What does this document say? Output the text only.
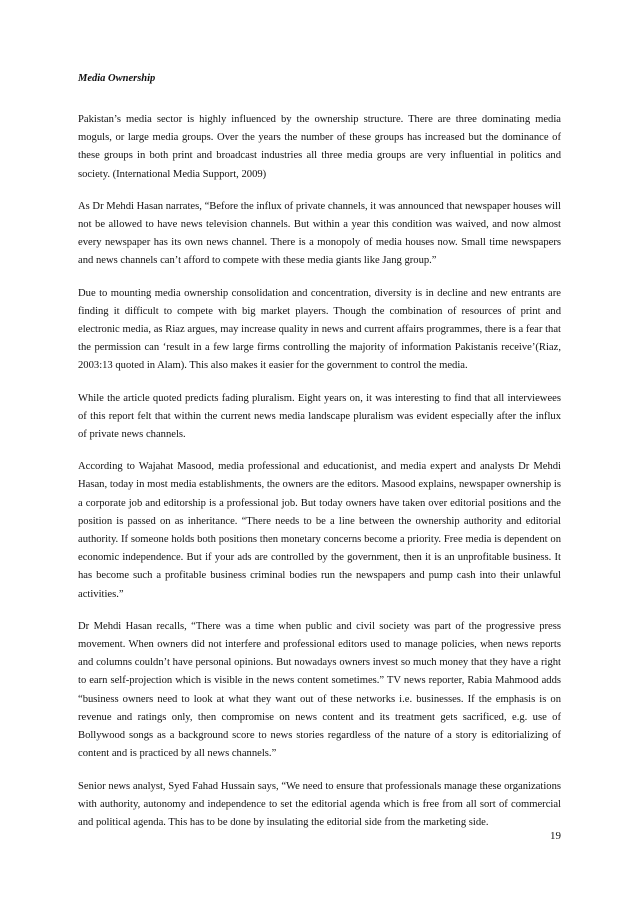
Media Ownership

Pakistan’s media sector is highly influenced by the ownership structure. There are three dominating media moguls, or large media groups. Over the years the number of these groups has increased but the dominance of these groups in both print and broadcast industries all three media groups are very influential in politics and society. (International Media Support, 2009)

As Dr Mehdi Hasan narrates, “Before the influx of private channels, it was announced that newspaper houses will not be allowed to have news television channels. But within a year this condition was waived, and now almost every newspaper has its own news channel. There is a monopoly of media houses now. Small time newspapers and news channels can’t afford to compete with these media giants like Jang group.”

Due to mounting media ownership consolidation and concentration, diversity is in decline and new entrants are finding it difficult to compete with big market players. Though the combination of resources of print and electronic media, as Riaz argues, may increase quality in news and current affairs programmes, there is a fear that the permission can ‘result in a few large firms controlling the majority of information Pakistanis receive’(Riaz, 2003:13 quoted in Alam). This also makes it easier for the government to control the media.

While the article quoted predicts fading pluralism. Eight years on, it was interesting to find that all interviewees of this report felt that within the current news media landscape pluralism was evident especially after the influx of private news channels.

According to Wajahat Masood, media professional and educationist, and media expert and analysts Dr Mehdi Hasan, today in most media establishments, the owners are the editors. Masood explains, newspaper ownership is a corporate job and editorship is a professional job. But today owners have taken over editorial positions and the position is passed on as inheritance. “There needs to be a line between the ownership authority and editorial authority. If someone holds both positions then monetary concerns become a priority. Free media is dependent on economic independence. But if your ads are controlled by the government, then it is an unprofitable business. It has become such a profitable business criminal bodies run the newspapers and pump cash into their unlawful activities.”

Dr Mehdi Hasan recalls, “There was a time when public and civil society was part of the progressive press movement. When owners did not interfere and professional editors used to manage policies, when news reports and columns couldn’t have personal opinions. But nowadays owners invest so much money that they have a right to earn self-projection which is visible in the news content sometimes.” TV news reporter, Rabia Mahmood adds “business owners need to look at what they want out of these networks i.e. businesses. If the emphasis is on revenue and ratings only, then compromise on news content and its treatment gets sacrificed, e.g. use of Bollywood songs as a background score to news stories regardless of the nature of a story is editorializing of content and is practiced by all news channels.”

Senior news analyst, Syed Fahad Hussain says, “We need to ensure that professionals manage these organizations with authority, autonomy and independence to set the editorial agenda which is free from all sort of commercial and political agenda. This has to be done by insulating the editorial side from the marketing side.

19
